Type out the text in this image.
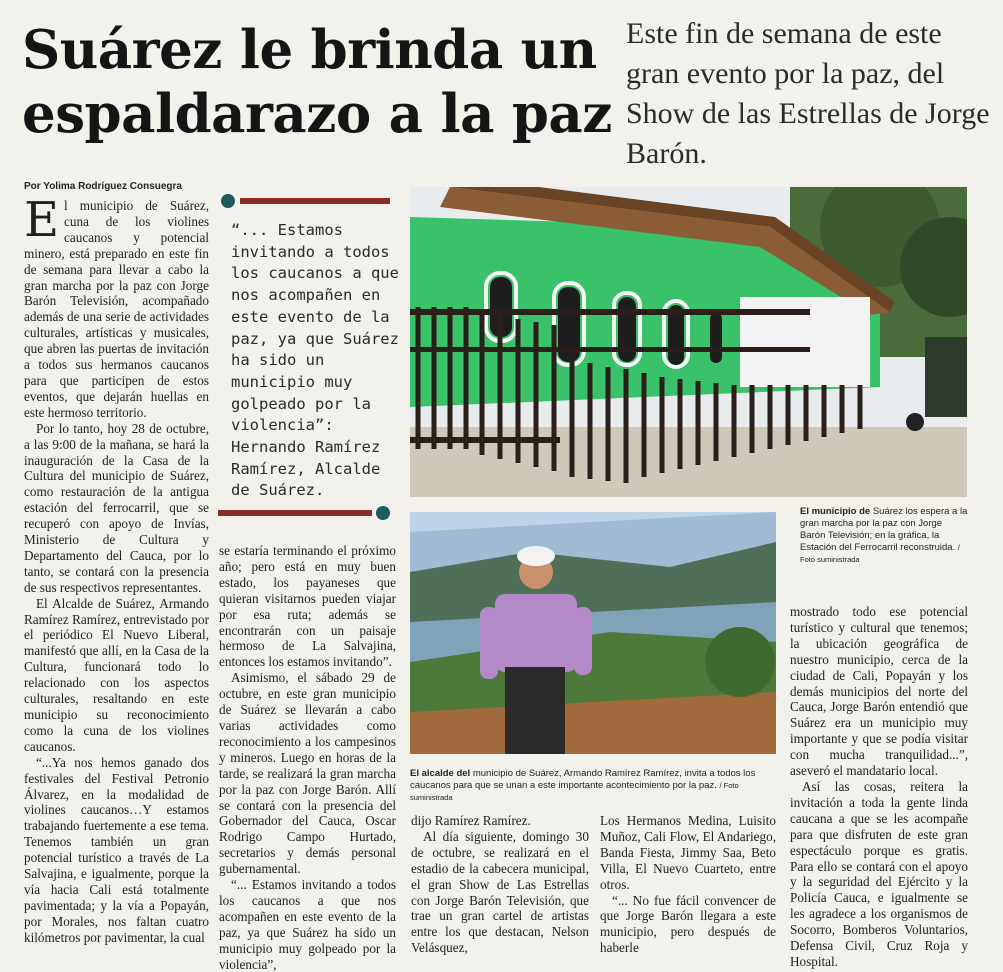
Suárez le brinda un espaldarazo a la paz
Este fin de semana de este gran evento por la paz, del Show de las Estrellas de Jorge Barón.
Por Yolima Rodríguez Consuegra

El municipio de Suárez, cuna de los violines caucanos y potencial minero, está preparado en este fin de semana para llevar a cabo la gran marcha por la paz con Jorge Barón Televisión, acompañado además de una serie de actividades culturales, artísticas y musicales, que abren las puertas de invitación a todos sus hermanos caucanos para que participen de estos eventos, que dejarán huellas en este hermoso territorio.

Por lo tanto, hoy 28 de octubre, a las 9:00 de la mañana, se hará la inauguración de la Casa de la Cultura del municipio de Suárez, como restauración de la antigua estación del ferrocarril, que se recuperó con apoyo de Invías, Ministerio de Cultura y Departamento del Cauca, por lo tanto, se contará con la presencia de sus respectivos representantes.

El Alcalde de Suárez, Armando Ramírez Ramírez, entrevistado por el periódico El Nuevo Liberal, manifestó que allí, en la Casa de la Cultura, funcionará todo lo relacionado con los aspectos culturales, resaltando en este municipio su reconocimiento como la cuna de los violines caucanos.

“...Ya nos hemos ganado dos festivales del Festival Petronio Álvarez, en la modalidad de violines caucanos…Y estamos trabajando fuertemente a ese tema. Tenemos también un gran potencial turístico a través de La Salvajina, e igualmente, porque la vía hacia Cali está totalmente pavimentada; y la vía a Popayán, por Morales, nos faltan cuatro kilómetros por pavimentar, la cual

“... Estamos invitando a todos los caucanos a que nos acompañen en este evento de la paz, ya que Suárez ha sido un municipio muy golpeado por la violencia”: Hernando Ramírez Ramírez, Alcalde de Suárez.

se estaría terminando el próximo año; pero está en muy buen estado, los payaneses que quieran visitarnos pueden viajar por esa ruta; además se encontrarán con un paisaje hermoso de La Salvajina, entonces los estamos invitando”.

Asimismo, el sábado 29 de octubre, en este gran municipio de Suárez se llevarán a cabo varias actividades como reconocimiento a los campesinos y mineros. Luego en horas de la tarde, se realizará la gran marcha por la paz con Jorge Barón. Allí se contará con la presencia del Gobernador del Cauca, Oscar Rodrigo Campo Hurtado, secretarios y demás personal gubernamental.

“... Estamos invitando a todos los caucanos a que nos acompañen en este evento de la paz, ya que Suárez ha sido un municipio muy golpeado por la violencia”,

El municipio de Suárez los espera a la gran marcha por la paz con Jorge Barón Televisión; en la gráfica, la Estación del Ferrocarril reconstruida. / Foto suministrada
El alcalde del municipio de Suárez, Armando Ramírez Ramírez, invita a todos los caucanos para que se unan a este importante acontecimiento por la paz. / Foto suministrada

dijo Ramírez Ramírez.

Al día siguiente, domingo 30 de octubre, se realizará en el estadio de la cabecera municipal, el gran Show de Las Estrellas con Jorge Barón Televisión, que trae un gran cartel de artistas entre los que destacan, Nelson Velásquez,

Los Hermanos Medina, Luisito Muñoz, Cali Flow, El Andariego, Banda Fiesta, Jimmy Saa, Beto Villa, El Nuevo Cuarteto, entre otros.

“... No fue fácil convencer de que Jorge Barón llegara a este municipio, pero después de haberle

mostrado todo ese potencial turístico y cultural que tenemos; la ubicación geográfica de nuestro municipio, cerca de la ciudad de Cali, Popayán y los demás municipios del norte del Cauca, Jorge Barón entendió que Suárez era un municipio muy importante y que se podía visitar con mucha tranquilidad...”, aseveró el mandatario local.

Así las cosas, reitera la invitación a toda la gente linda caucana a que se les acompañe para que disfruten de este gran espectáculo porque es gratis. Para ello se contará con el apoyo y la seguridad del Ejército y la Policía Cauca, e igualmente se les agradece a los organismos de Socorro, Bomberos Voluntarios, Defensa Civil, Cruz Roja y Hospital.
